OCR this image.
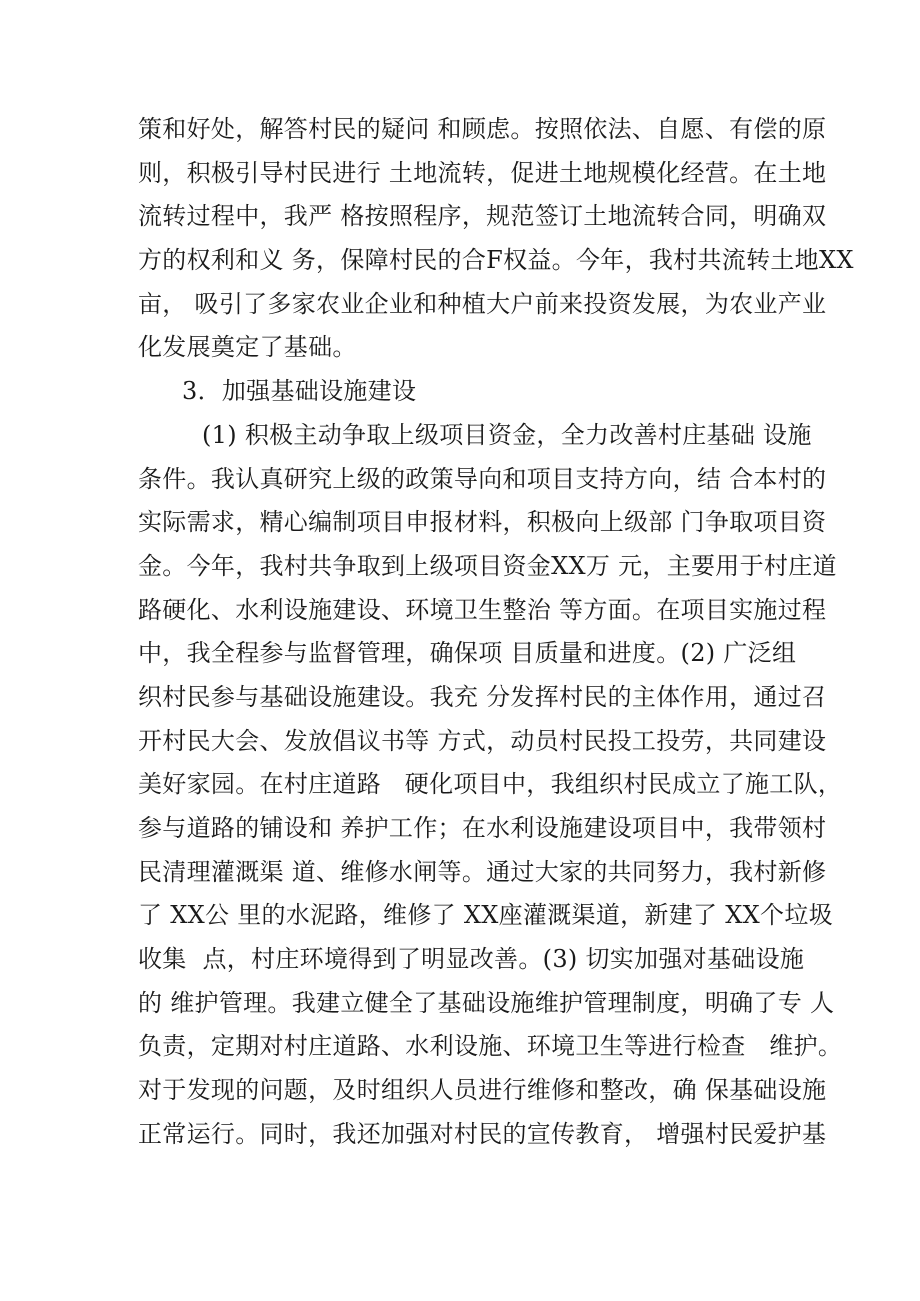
策和好处，解答村民的疑问 和顾虑。按照依法、自愿、有偿的原
则，积极引导村民进行 土地流转，促进土地规模化经营。在土地
流转过程中，我严 格按照程序，规范签订土地流转合同，明确双
方的权利和义 务，保障村民的合F权益。今年，我村共流转土地XX
亩， 吸引了多家农业企业和种植大户前来投资发展，为农业产业
化发展奠定了基础。
3．加强基础设施建设
(1) 积极主动争取上级项目资金，全力改善村庄基础 设施
条件。我认真研究上级的政策导向和项目支持方向，结 合本村的
实际需求，精心编制项目申报材料，积极向上级部 门争取项目资
金。今年，我村共争取到上级项目资金XX万 元，主要用于村庄道
路硬化、水利设施建设、环境卫生整治 等方面。在项目实施过程
中，我全程参与监督管理，确保项 目质量和进度。(2) 广泛组
织村民参与基础设施建设。我充 分发挥村民的主体作用，通过召
开村民大会、发放倡议书等 方式，动员村民投工投劳，共同建设
美好家园。在村庄道路   硬化项目中，我组织村民成立了施工队，
参与道路的铺设和 养护工作；在水利设施建设项目中，我带领村
民清理灌溉渠 道、维修水闸等。通过大家的共同努力，我村新修
了 XX公 里的水泥路，维修了 XX座灌溉渠道，新建了 XX个垃圾
收集  点，村庄环境得到了明显改善。(3) 切实加强对基础设施
的 维护管理。我建立健全了基础设施维护管理制度，明确了专 人
负责，定期对村庄道路、水利设施、环境卫生等进行检查   维护。
对于发现的问题，及时组织人员进行维修和整改，确 保基础设施
正常运行。同时，我还加强对村民的宣传教育， 增强村民爱护基
